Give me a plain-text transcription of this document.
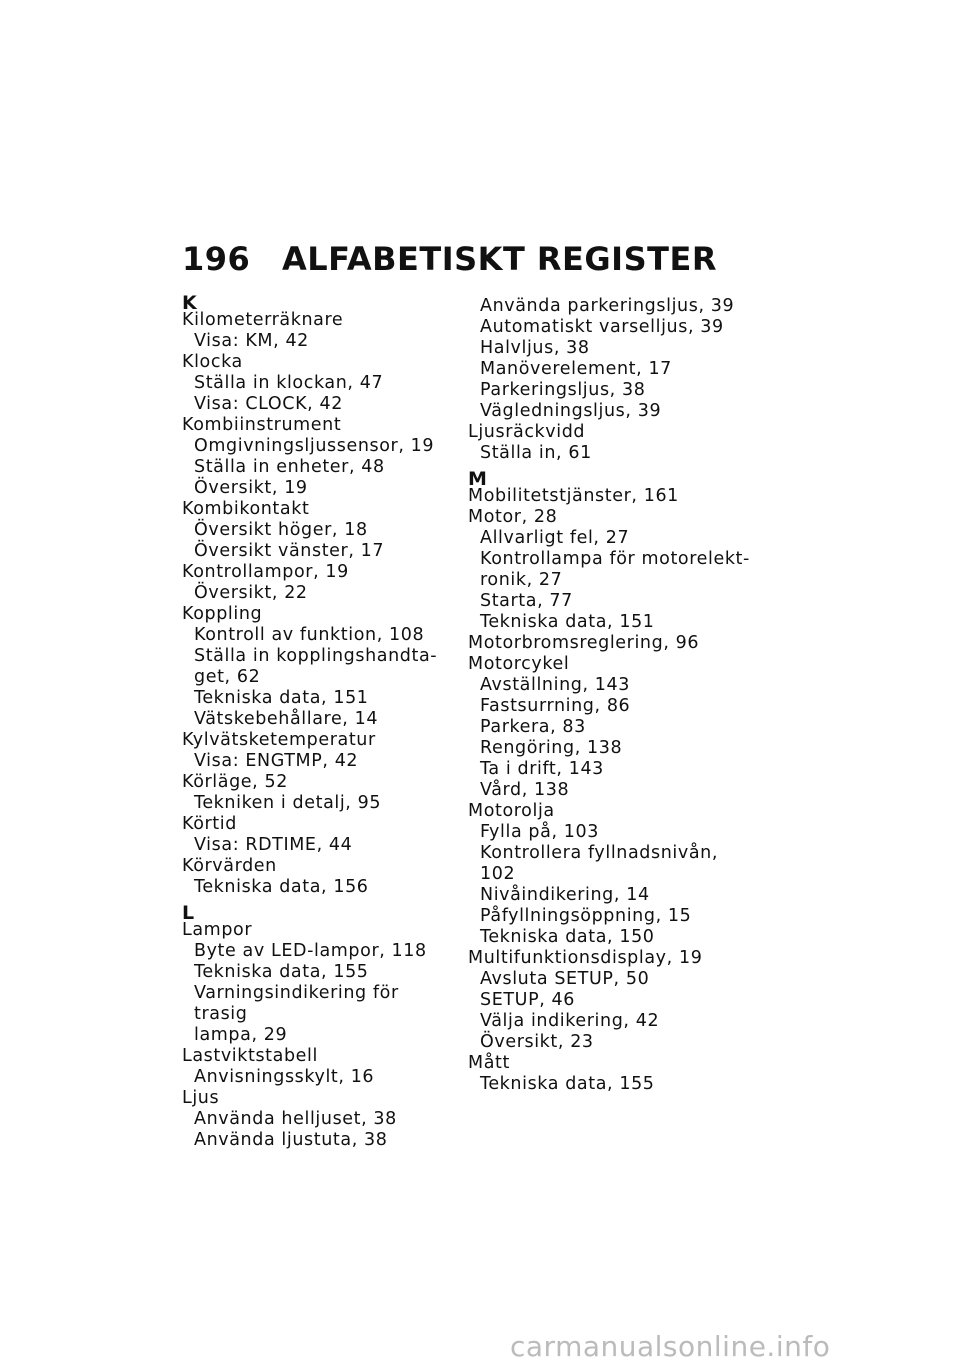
196 ALFABETISKT REGISTER
K
Kilometerräknare
Visa: KM, 42
Klocka
Ställa in klockan, 47
Visa: CLOCK, 42
Kombiinstrument
Omgivningsljussensor, 19
Ställa in enheter, 48
Översikt, 19
Kombikontakt
Översikt höger, 18
Översikt vänster, 17
Kontrollampor, 19
Översikt, 22
Koppling
Kontroll av funktion, 108
Ställa in kopplingshandta-
get, 62
Tekniska data, 151
Vätskebehållare, 14
Kylvätsketemperatur
Visa: ENGTMP, 42
Körläge, 52
Tekniken i detalj, 95
Körtid
Visa: RDTIME, 44
Körvärden
Tekniska data, 156
L
Lampor
Byte av LED-lampor, 118
Tekniska data, 155
Varningsindikering för trasig
lampa, 29
Lastviktstabell
Anvisningsskylt, 16
Ljus
Använda helljuset, 38
Använda ljustuta, 38
Använda parkeringsljus, 39
Automatiskt varselljus, 39
Halvljus, 38
Manöverelement, 17
Parkeringsljus, 38
Vägledningsljus, 39
Ljusräckvidd
Ställa in, 61
M
Mobilitetstjänster, 161
Motor, 28
Allvarligt fel, 27
Kontrollampa för motorelekt-
ronik, 27
Starta, 77
Tekniska data, 151
Motorbromsreglering, 96
Motorcykel
Avställning, 143
Fastsurrning, 86
Parkera, 83
Rengöring, 138
Ta i drift, 143
Vård, 138
Motorolja
Fylla på, 103
Kontrollera fyllnadsnivån, 102
Nivåindikering, 14
Påfyllningsöppning, 15
Tekniska data, 150
Multifunktionsdisplay, 19
Avsluta SETUP, 50
SETUP, 46
Välja indikering, 42
Översikt, 23
Mått
Tekniska data, 155
carmanualsonline.info
